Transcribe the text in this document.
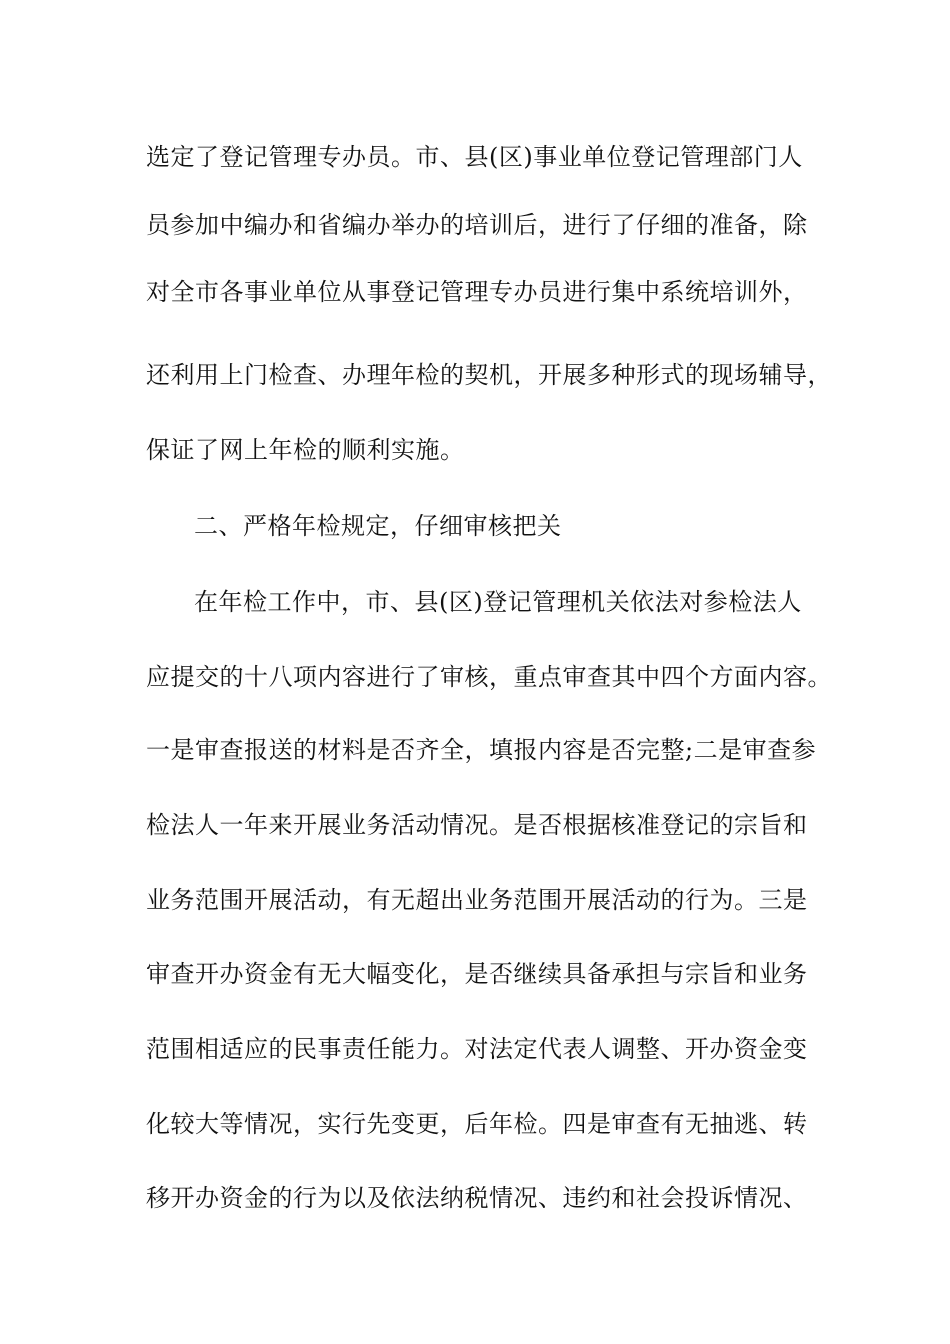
选定了登记管理专办员。市、县(区)事业单位登记管理部门人
员参加中编办和省编办举办的培训后，进行了仔细的准备，除
对全市各事业单位从事登记管理专办员进行集中系统培训外，
还利用上门检查、办理年检的契机，开展多种形式的现场辅导，
保证了网上年检的顺利实施。
二、严格年检规定，仔细审核把关
在年检工作中，市、县(区)登记管理机关依法对参检法人
应提交的十八项内容进行了审核，重点审查其中四个方面内容。
一是审查报送的材料是否齐全，填报内容是否完整;二是审查参
检法人一年来开展业务活动情况。是否根据核准登记的宗旨和
业务范围开展活动，有无超出业务范围开展活动的行为。三是
审查开办资金有无大幅变化，是否继续具备承担与宗旨和业务
范围相适应的民事责任能力。对法定代表人调整、开办资金变
化较大等情况，实行先变更，后年检。四是审查有无抽逃、转
移开办资金的行为以及依法纳税情况、违约和社会投诉情况、
